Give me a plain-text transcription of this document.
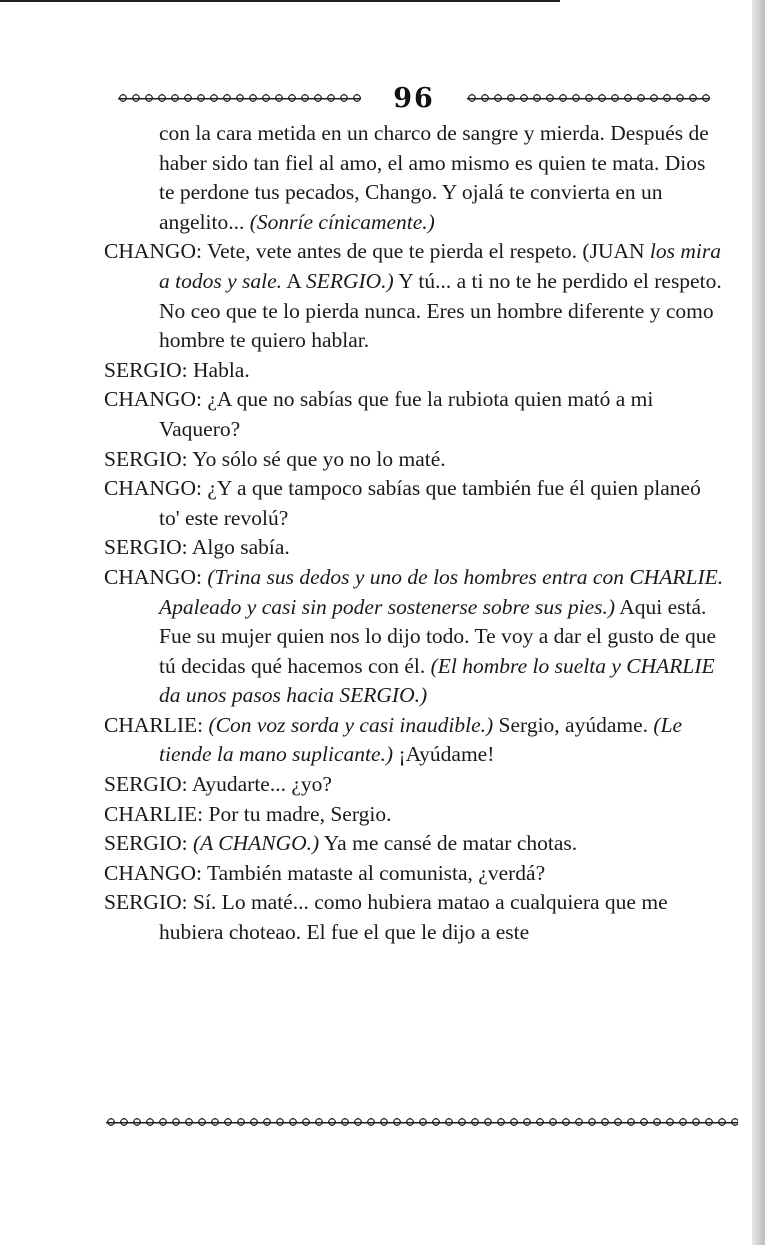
96

con la cara metida en un charco de sangre y mierda. Después de haber sido tan fiel al amo, el amo mismo es quien te mata. Dios te perdone tus pecados, Chango. Y ojalá te convierta en un angelito... (Sonríe cínicamente.)

CHANGO: Vete, vete antes de que te pierda el respeto. (JUAN los mira a todos y sale. A SERGIO.) Y tú... a ti no te he perdido el respeto. No ceo que te lo pierda nunca. Eres un hombre diferente y como hombre te quiero hablar.

SERGIO: Habla.

CHANGO: ¿A que no sabías que fue la rubiota quien mató a mi Vaquero?

SERGIO: Yo sólo sé que yo no lo maté.

CHANGO: ¿Y a que tampoco sabías que también fue él quien planeó to' este revolú?

SERGIO: Algo sabía.

CHANGO: (Trina sus dedos y uno de los hombres entra con CHARLIE. Apaleado y casi sin poder sostenerse sobre sus pies.) Aqui está. Fue su mujer quien nos lo dijo todo. Te voy a dar el gusto de que tú decidas qué hacemos con él. (El hombre lo suelta y CHARLIE da unos pasos hacia SERGIO.)

CHARLIE: (Con voz sorda y casi inaudible.) Sergio, ayúdame. (Le tiende la mano suplicante.) ¡Ayúdame!

SERGIO: Ayudarte... ¿yo?

CHARLIE: Por tu madre, Sergio.

SERGIO: (A CHANGO.) Ya me cansé de matar chotas.

CHANGO: También mataste al comunista, ¿verdá?

SERGIO: Sí. Lo maté... como hubiera matao a cualquiera que me hubiera choteao. El fue el que le dijo a este
